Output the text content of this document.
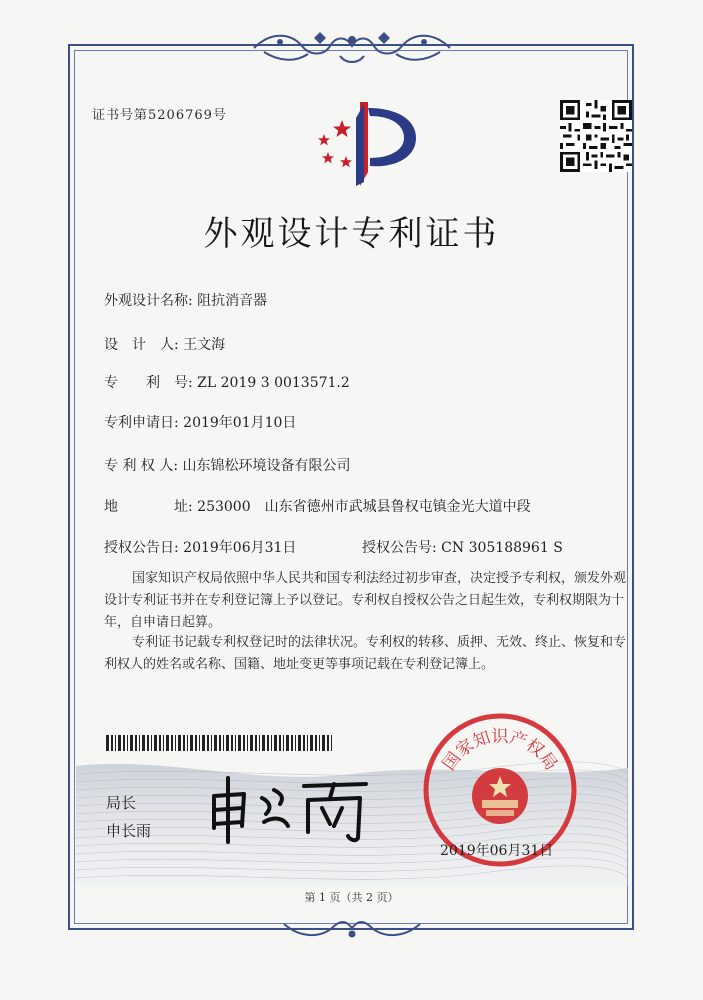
证书号第5206769号
外观设计专利证书
外观设计名称: 阻抗消音器
设　计　人: 王文海
专　　利　号: ZL 2019 3 0013571.2
专利申请日: 2019年01月10日
专 利 权 人: 山东锦松环境设备有限公司
地　　　　址: 253000　山东省德州市武城县鲁权屯镇金光大道中段
授权公告日: 2019年06月31日	授权公告号: CN 305188961 S
国家知识产权局依照中华人民共和国专利法经过初步审查，决定授予专利权，颁发外观
设计专利证书并在专利登记簿上予以登记。专利权自授权公告之日起生效，专利权期限为十
年，自申请日起算。
专利证书记载专利权登记时的法律状况。专利权的转移、质押、无效、终止、恢复和专
利权人的姓名或名称、国籍、地址变更等事项记载在专利登记簿上。
局长
申长雨
国家知识产权局
2019年06月31日
第 1 页（共 2 页）
